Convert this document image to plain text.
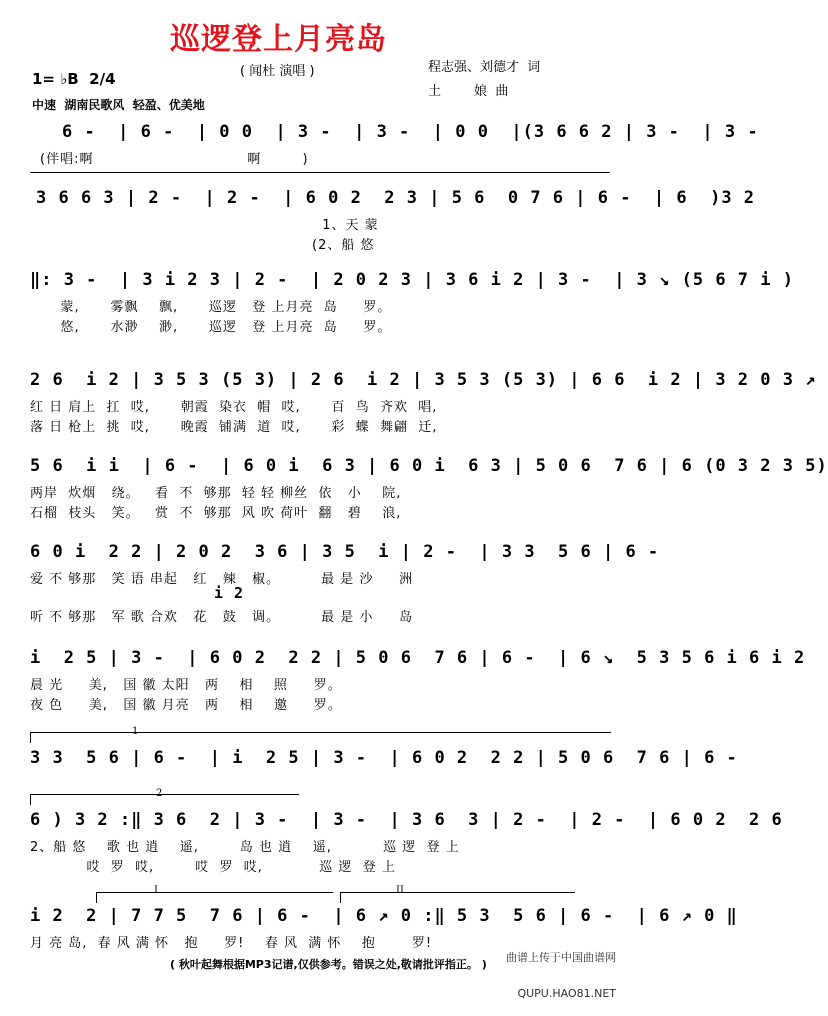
巡逻登上月亮岛
( 闻杜 演唱 )	程志强、刘德才  词
土        娘  曲
1= ♭B  2/4
中速  湖南民歌风  轻盈、优美地
6 -  | 6 -  | 0 0  | 3 -  | 3 -  | 0 0  |(3 6 6 2 | 3 -  | 3 -
(伴唱:啊                              啊        )
3 6 6 3 | 2 -  | 2 -  | 6 0 2  2 3 | 5 6  0 7 6 | 6 -  | 6  )3 2
1、天 蒙
(2、船 悠
‖: 3 -  | 3 i 2 3 | 2 -  | 2 0 2 3 | 3 6 i 2 | 3 -  | 3 ↘ (5 6 7 i )
蒙,      雾飘    飘,      巡逻   登 上月亮  岛     罗。
悠,      水渺    渺,      巡逻   登 上月亮  岛     罗。
2 6  i 2 | 3 5 3 (5 3) | 2 6  i 2 | 3 5 3 (5 3) | 6 6  i 2 | 3 2 0 3 ↗
红 日 肩上  扛  哎,      朝霞  染衣  帽  哎,      百  鸟  齐欢  唱,
落 日 枪上  挑  哎,      晚霞  铺满  道  哎,      彩  蝶  舞翩  迁,
5 6  i i  | 6 -  | 6 0 i  6 3 | 6 0 i  6 3 | 5 0 6  7 6 | 6 (0 3 2 3 5)
两岸  炊烟   绕。   看  不  够那  轻 轻 柳丝  依   小    院,
石榴  枝头   笑。   赏  不  够那  风 吹 荷叶  翻   碧    浪,
6 0 i  2 2 | 2 0 2  3 6 | 3 5  i | 2 -  | 3 3  5 6 | 6 -
爱 不 够那   笑 语 串起   红   辣   椒。        最 是 沙     洲
i 2
听 不 够那   军 歌 合欢   花   鼓   调。        最 是 小     岛
i  2 5 | 3 -  | 6 0 2  2 2 | 5 0 6  7 6 | 6 -  | 6 ↘  5 3 5 6 i 6 i 2
晨 光     美,   国 徽 太阳   两    相    照     罗。
夜 色     美,   国 徽 月亮   两    相    邀     罗。
1
3 3  5 6 | 6 -  | i  2 5 | 3 -  | 6 0 2  2 2 | 5 0 6  7 6 | 6 -
2
6 ) 3 2 :‖ 3 6  2 | 3 -  | 3 -  | 3 6  3 | 2 -  | 2 -  | 6 0 2  2 6
2、船 悠    歌 也 逍    遥,        岛 也 逍    遥,          巡 逻  登 上
哎  罗  哎,        哎  罗  哎,           巡 逻  登 上
I	II
i 2  2 | 7 7 5  7 6 | 6 -  | 6 ↗ 0 :‖ 5 3  5 6 | 6 -  | 6 ↗ 0 ‖
月 亮 岛,  春 风 满 怀   抱     罗!    春 风  满 怀    抱       罗!
( 秋叶起舞根据MP3记谱,仅供参考。错误之处,敬请批评指正。 )

曲谱上传于中国曲谱网

QUPU.HAO81.NET
